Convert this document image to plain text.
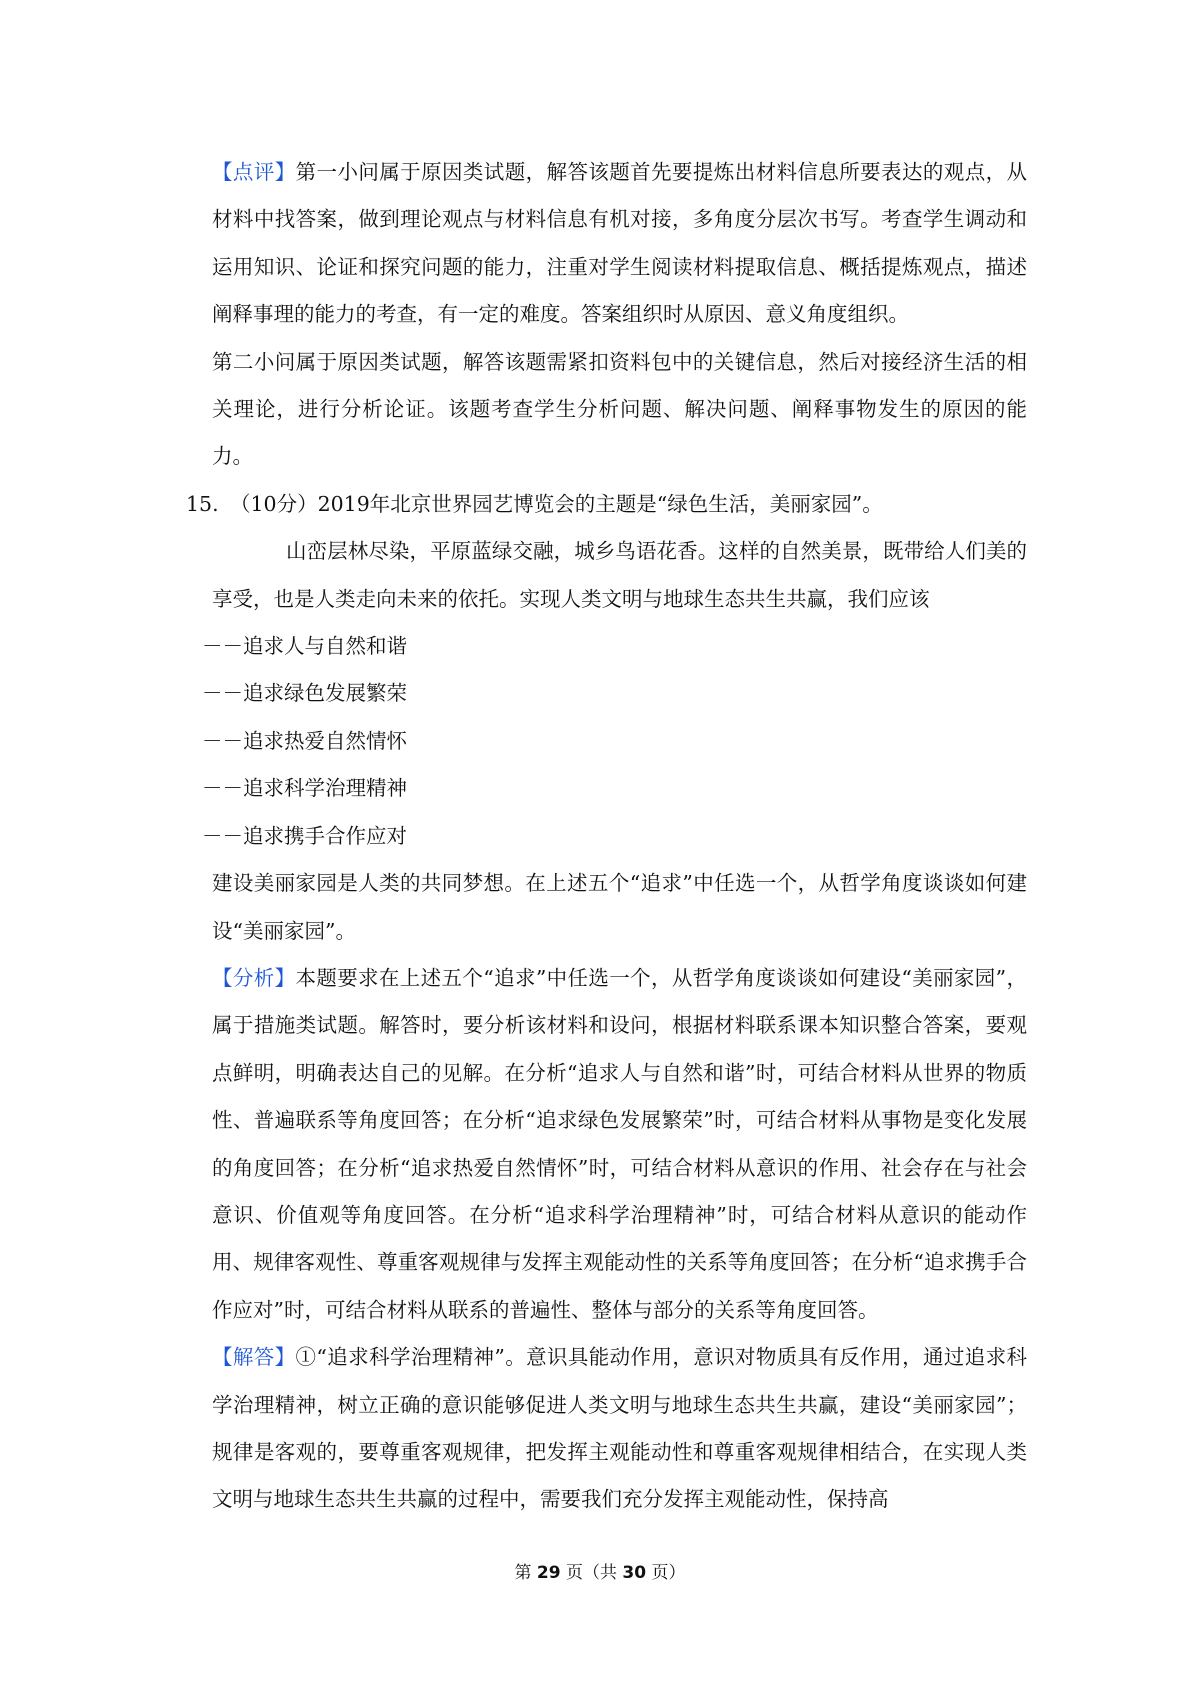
【点评】第一小问属于原因类试题，解答该题首先要提炼出材料信息所要表达的观点，从材料中找答案，做到理论观点与材料信息有机对接，多角度分层次书写。考查学生调动和运用知识、论证和探究问题的能力，注重对学生阅读材料提取信息、概括提炼观点，描述阐释事理的能力的考查，有一定的难度。答案组织时从原因、意义角度组织。

第二小问属于原因类试题，解答该题需紧扣资料包中的关键信息，然后对接经济生活的相关理论，进行分析论证。该题考查学生分析问题、解决问题、阐释事物发生的原因的能力。

15. （10分）2019年北京世界园艺博览会的主题是“绿色生活，美丽家园”。

山峦层林尽染，平原蓝绿交融，城乡鸟语花香。这样的自然美景，既带给人们美的享受，也是人类走向未来的依托。实现人类文明与地球生态共生共赢，我们应该

－－追求人与自然和谐

－－追求绿色发展繁荣

－－追求热爱自然情怀

－－追求科学治理精神

－－追求携手合作应对

建设美丽家园是人类的共同梦想。在上述五个“追求”中任选一个，从哲学角度谈谈如何建设“美丽家园”。

【分析】本题要求在上述五个“追求”中任选一个，从哲学角度谈谈如何建设“美丽家园”，属于措施类试题。解答时，要分析该材料和设问，根据材料联系课本知识整合答案，要观点鲜明，明确表达自己的见解。在分析“追求人与自然和谐”时，可结合材料从世界的物质性、普遍联系等角度回答；在分析“追求绿色发展繁荣”时，可结合材料从事物是变化发展的角度回答；在分析“追求热爱自然情怀”时，可结合材料从意识的作用、社会存在与社会意识、价值观等角度回答。在分析“追求科学治理精神”时，可结合材料从意识的能动作用、规律客观性、尊重客观规律与发挥主观能动性的关系等角度回答；在分析“追求携手合作应对”时，可结合材料从联系的普遍性、整体与部分的关系等角度回答。

【解答】①“追求科学治理精神”。意识具能动作用，意识对物质具有反作用，通过追求科学治理精神，树立正确的意识能够促进人类文明与地球生态共生共赢，建设“美丽家园”；规律是客观的，要尊重客观规律，把发挥主观能动性和尊重客观规律相结合，在实现人类文明与地球生态共生共赢的过程中，需要我们充分发挥主观能动性，保持高

第 29 页（共 30 页）
